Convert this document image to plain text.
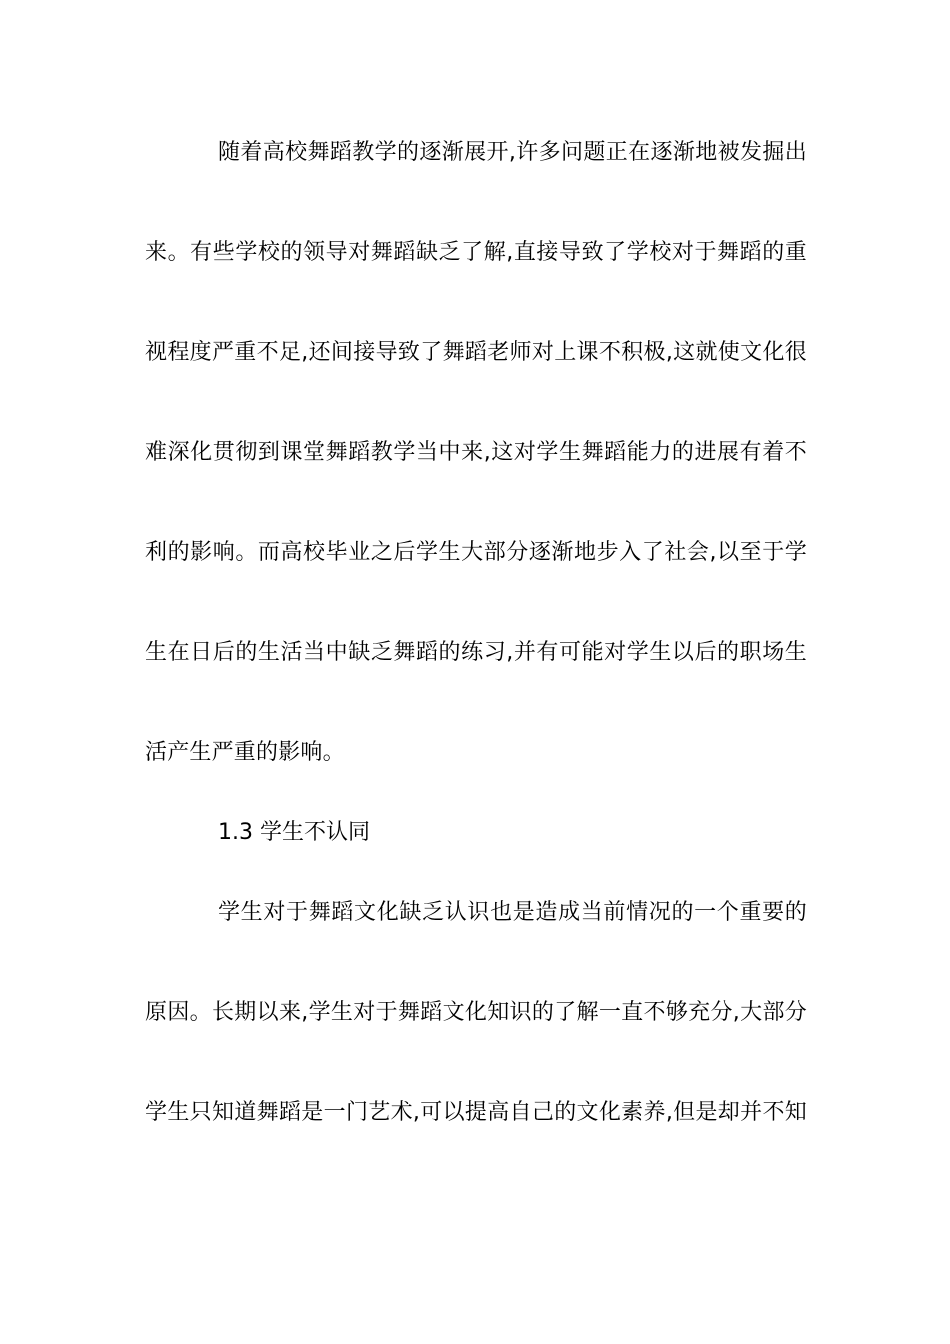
随着高校舞蹈教学的逐渐展开,许多问题正在逐渐地被发掘出
来。有些学校的领导对舞蹈缺乏了解,直接导致了学校对于舞蹈的重
视程度严重不足,还间接导致了舞蹈老师对上课不积极,这就使文化很
难深化贯彻到课堂舞蹈教学当中来,这对学生舞蹈能力的进展有着不
利的影响。而高校毕业之后学生大部分逐渐地步入了社会,以至于学
生在日后的生活当中缺乏舞蹈的练习,并有可能对学生以后的职场生
活产生严重的影响。
1.3 学生不认同
学生对于舞蹈文化缺乏认识也是造成当前情况的一个重要的
原因。长期以来,学生对于舞蹈文化知识的了解一直不够充分,大部分
学生只知道舞蹈是一门艺术,可以提高自己的文化素养,但是却并不知
